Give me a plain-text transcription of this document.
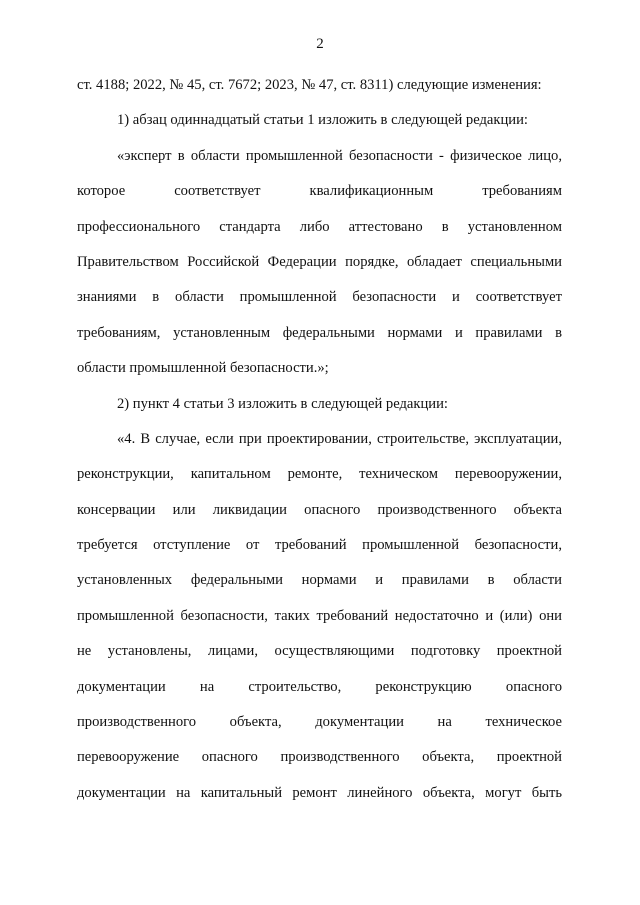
2
ст. 4188; 2022, № 45, ст. 7672; 2023, № 47, ст. 8311) следующие изменения:
1) абзац одиннадцатый статьи 1 изложить в следующей редакции:
«эксперт в области промышленной безопасности - физическое лицо,
которое соответствует квалификационным требованиям
профессионального стандарта либо аттестовано в установленном
Правительством Российской Федерации порядке, обладает специальными
знаниями в области промышленной безопасности и соответствует
требованиям, установленным федеральными нормами и правилами в
области промышленной безопасности.»;
2) пункт 4 статьи 3 изложить в следующей редакции:
«4. В случае, если при проектировании, строительстве, эксплуатации,
реконструкции, капитальном ремонте, техническом перевооружении,
консервации или ликвидации опасного производственного объекта
требуется отступление от требований промышленной безопасности,
установленных федеральными нормами и правилами в области
промышленной безопасности, таких требований недостаточно и (или) они
не установлены, лицами, осуществляющими подготовку проектной
документации на строительство, реконструкцию опасного
производственного объекта, документации на техническое
перевооружение опасного производственного объекта, проектной
документации на капитальный ремонт линейного объекта, могут быть
